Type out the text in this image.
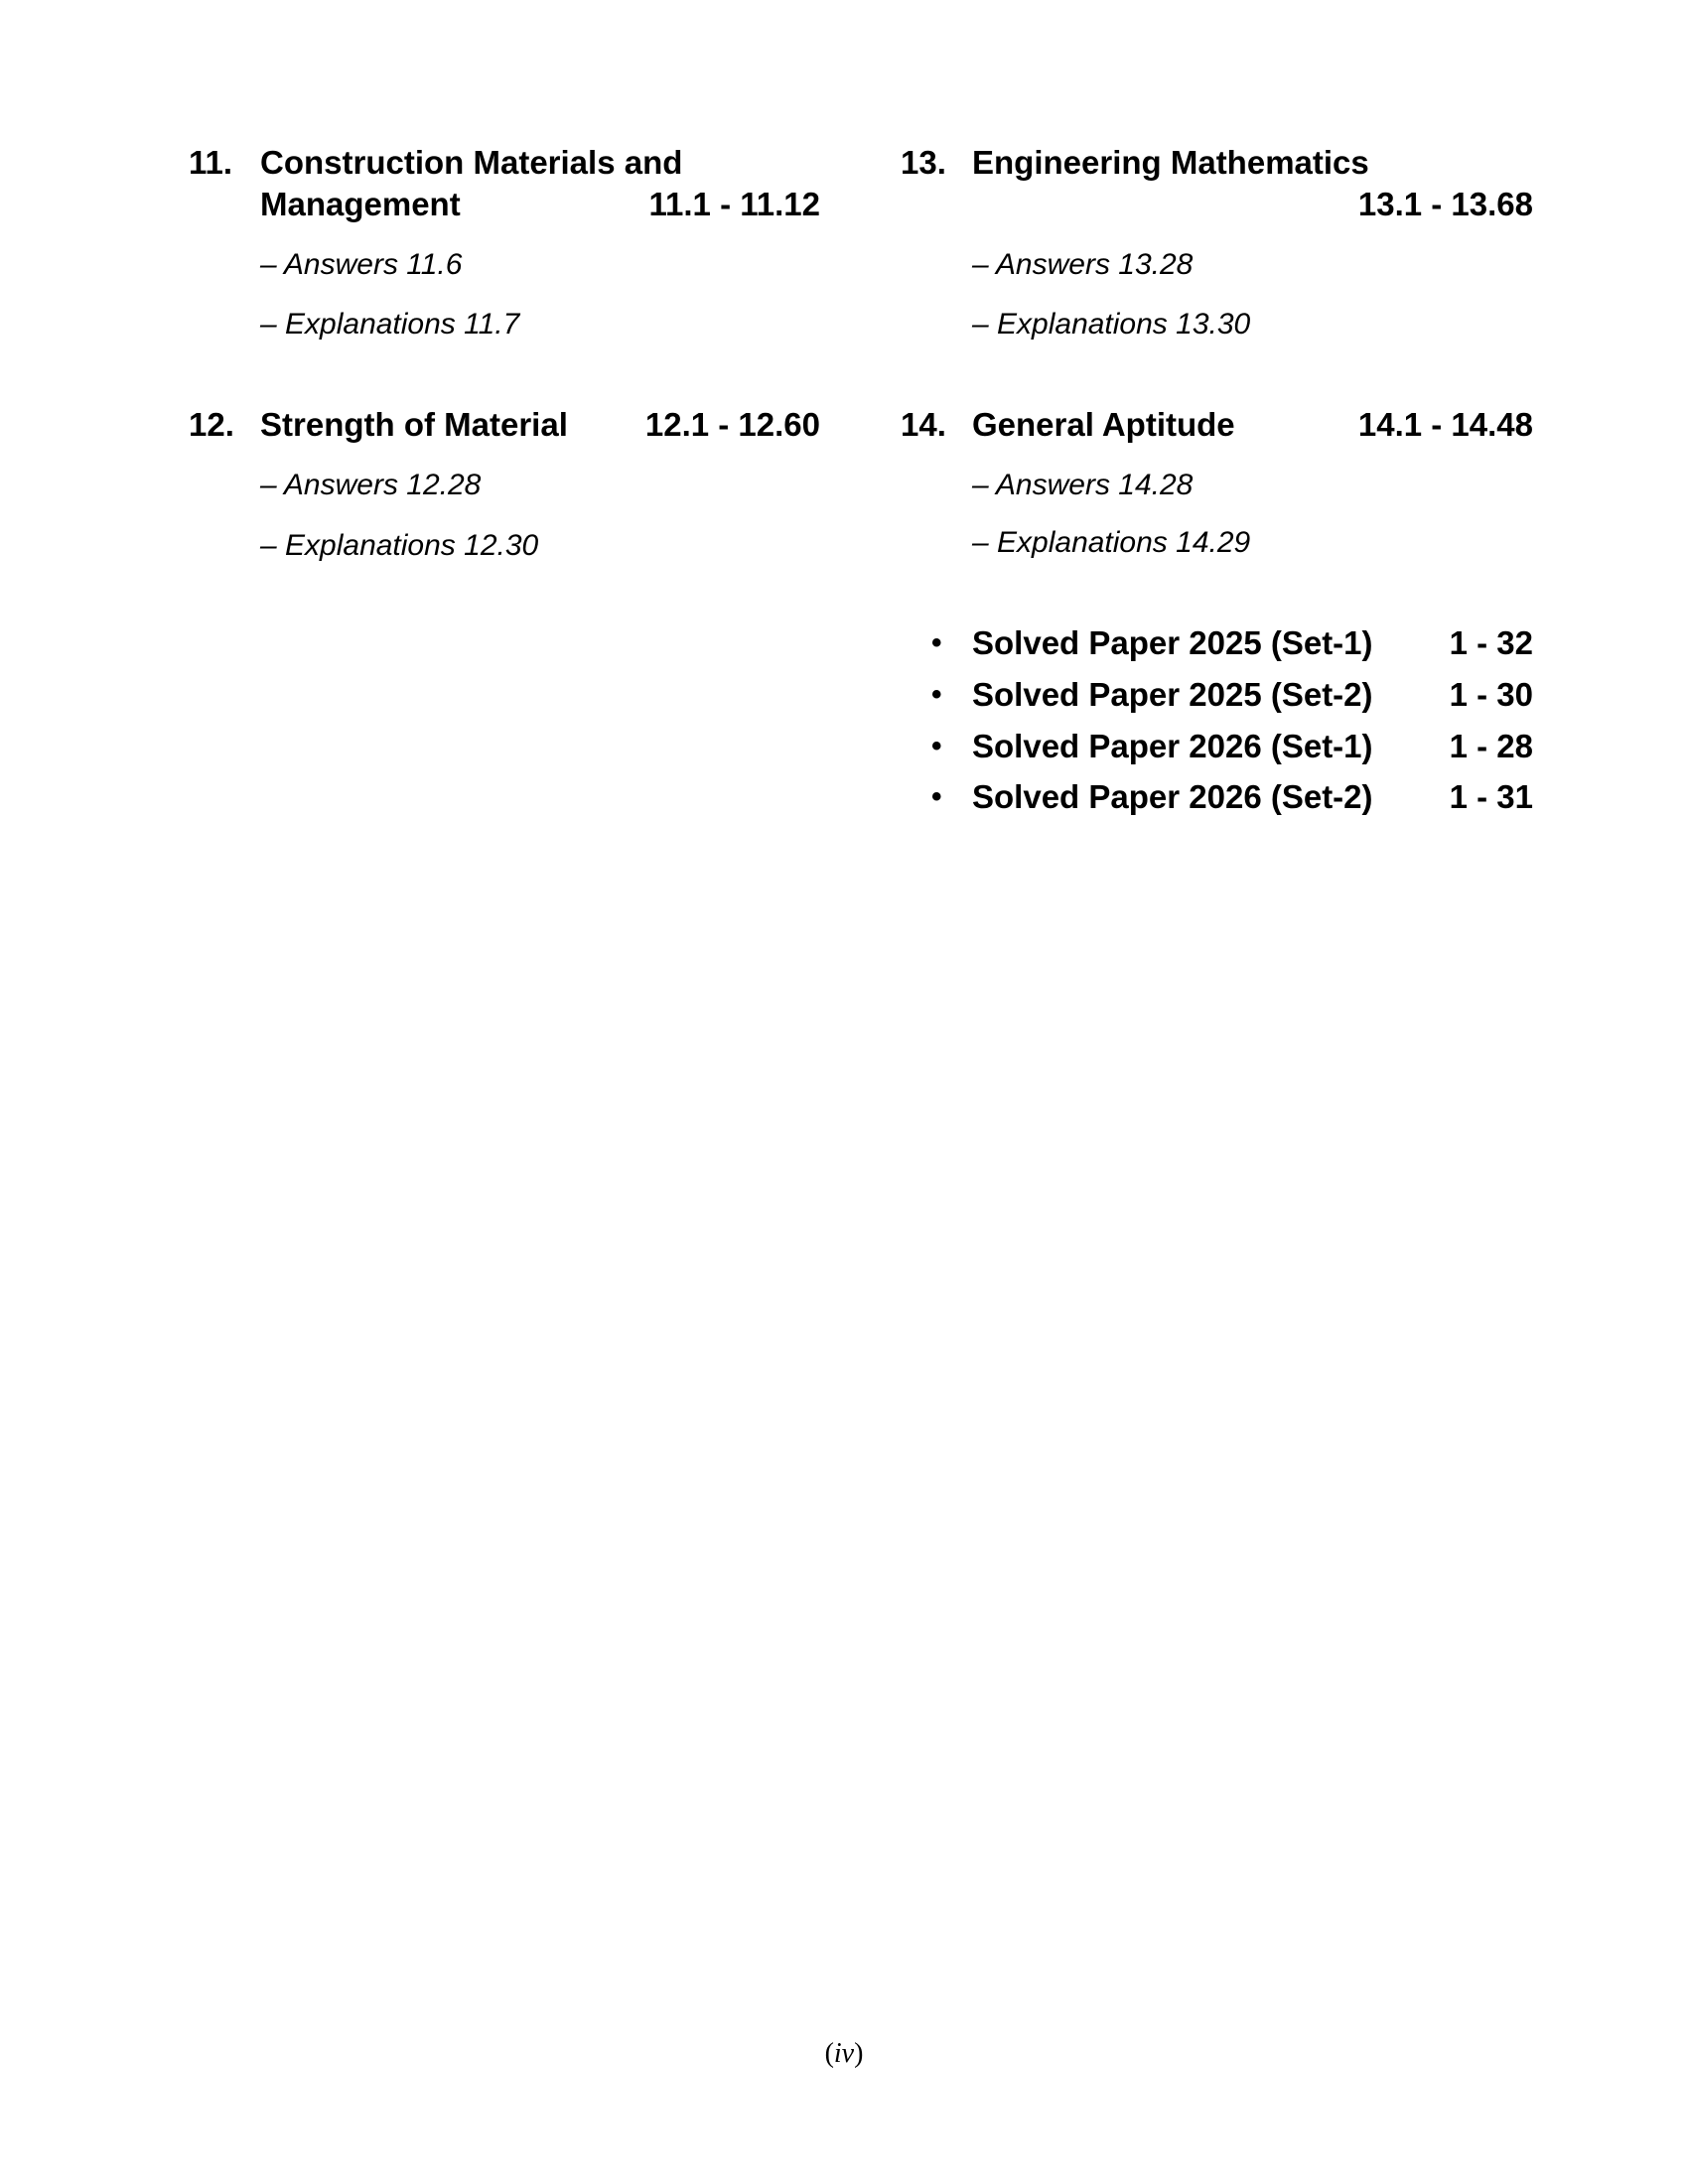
11. Construction Materials and
Management	11.1 - 11.12
– Answers 11.6
– Explanations 11.7
12. Strength of Material 12.1 - 12.60
– Answers 12.28
– Explanations 12.30
13. Engineering Mathematics
13.1 - 13.68
– Answers 13.28
– Explanations 13.30
14. General Aptitude	14.1 - 14.48
– Answers 14.28
– Explanations 14.29
• Solved Paper 2025 (Set-1) 1 - 32
• Solved Paper 2025 (Set-2) 1 - 30
• Solved Paper 2026 (Set-1) 1 - 28
• Solved Paper 2026 (Set-2) 1 - 31
(iv)
